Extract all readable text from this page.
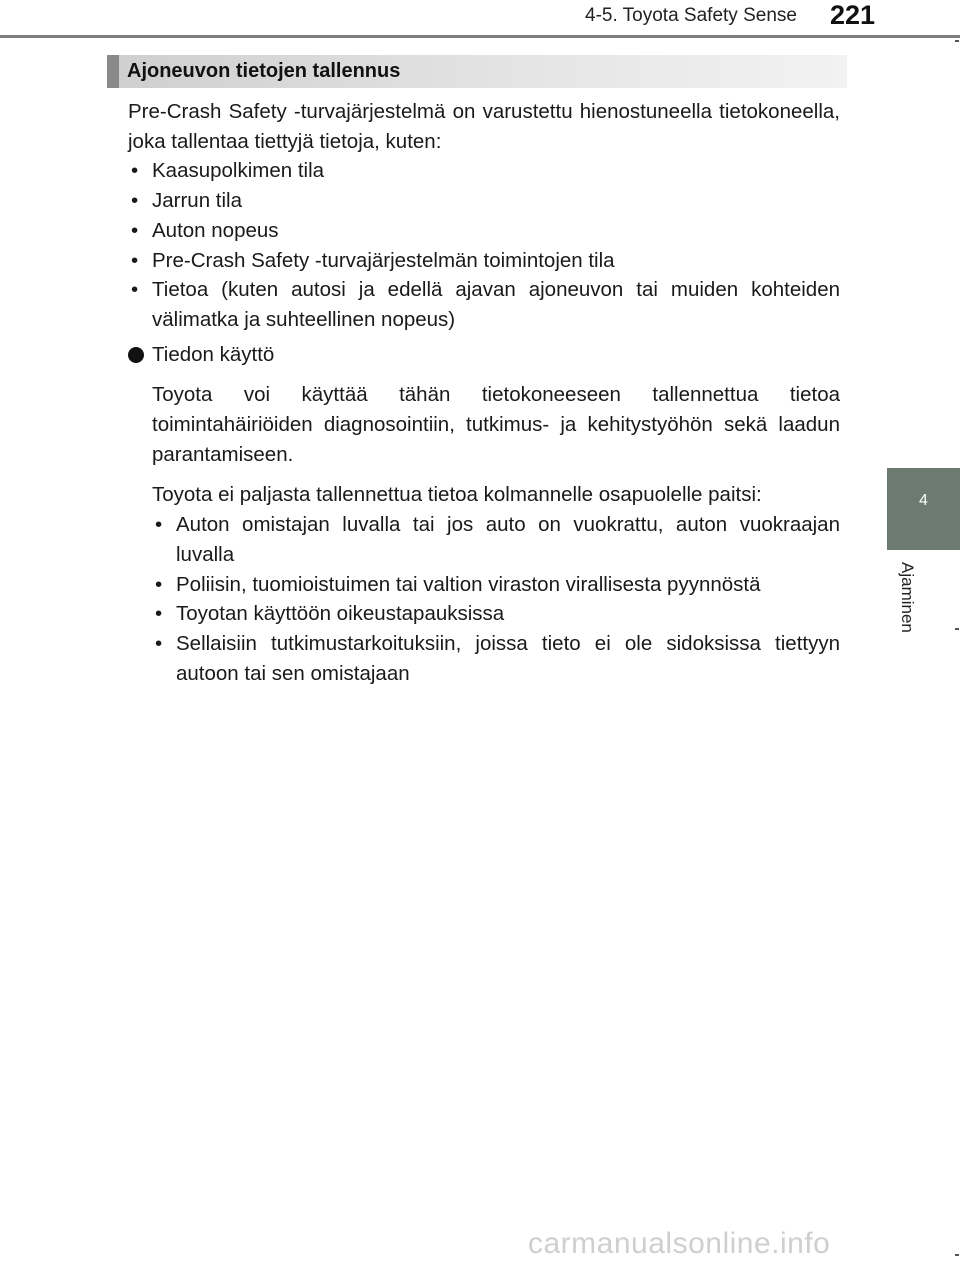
4-5. Toyota Safety Sense 221
Ajoneuvon tietojen tallennus

Pre-Crash Safety -turvajärjestelmä on varustettu hienostuneella tietokoneella, joka tallentaa tiettyjä tietoja, kuten:

• Kaasupolkimen tila
• Jarrun tila
• Auton nopeus
• Pre-Crash Safety -turvajärjestelmän toimintojen tila
• Tietoa (kuten autosi ja edellä ajavan ajoneuvon tai muiden kohteiden välimatka ja suhteellinen nopeus)
Tiedon käyttö

Toyota voi käyttää tähän tietokoneeseen tallennettua tietoa toimintahäiriöiden diagnosointiin, tutkimus- ja kehitystyöhön sekä laadun parantamiseen.

Toyota ei paljasta tallennettua tietoa kolmannelle osapuolelle paitsi:

• Auton omistajan luvalla tai jos auto on vuokrattu, auton vuokraajan luvalla
• Poliisin, tuomioistuimen tai valtion viraston virallisesta pyynnöstä
• Toyotan käyttöön oikeustapauksissa
• Sellaisiin tutkimustarkoituksiin, joissa tieto ei ole sidoksissa tiettyyn autoon tai sen omistajaan
4
Ajaminen
carmanualsonline.info
